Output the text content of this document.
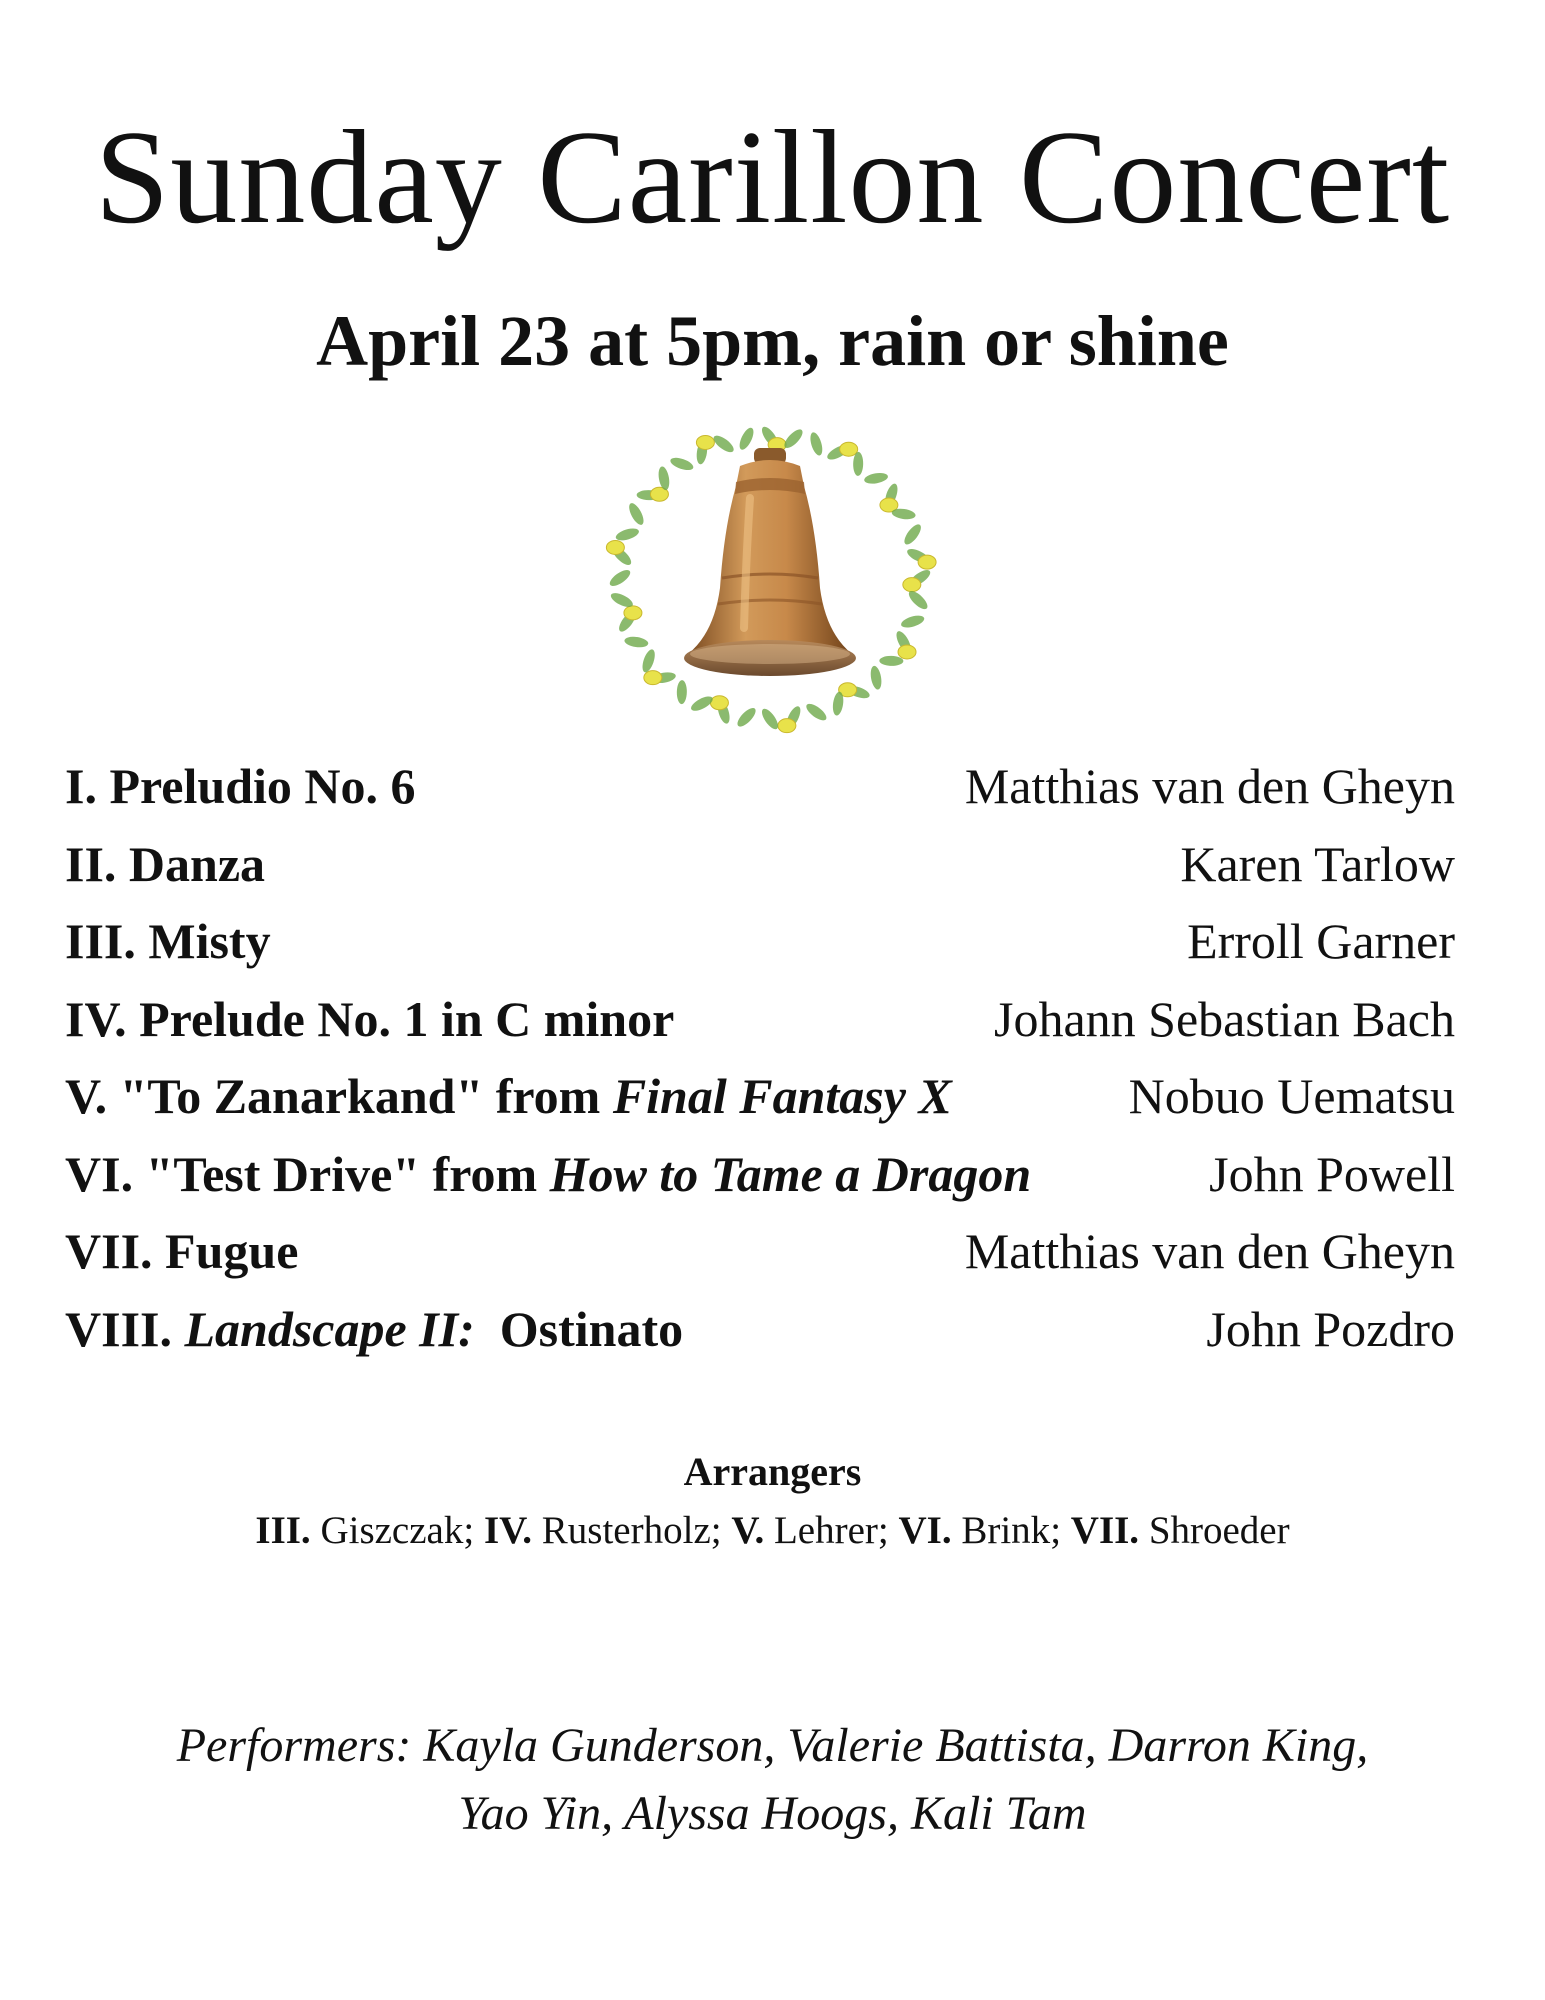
Sunday Carillon Concert
April 23 at 5pm, rain or shine
I. Preludio No. 6	Matthias van den Gheyn
II. Danza	Karen Tarlow
III. Misty	Erroll Garner
IV. Prelude No. 1 in C minor	Johann Sebastian Bach
V. "To Zanarkand" from Final Fantasy X	Nobuo Uematsu
VI. "Test Drive" from How to Tame a Dragon	John Powell
VII. Fugue	Matthias van den Gheyn
VIII. Landscape II:  Ostinato	John Pozdro
Arrangers
III. Giszczak; IV. Rusterholz; V. Lehrer; VI. Brink; VII. Shroeder
Performers: Kayla Gunderson, Valerie Battista, Darron King,
Yao Yin, Alyssa Hoogs, Kali Tam
